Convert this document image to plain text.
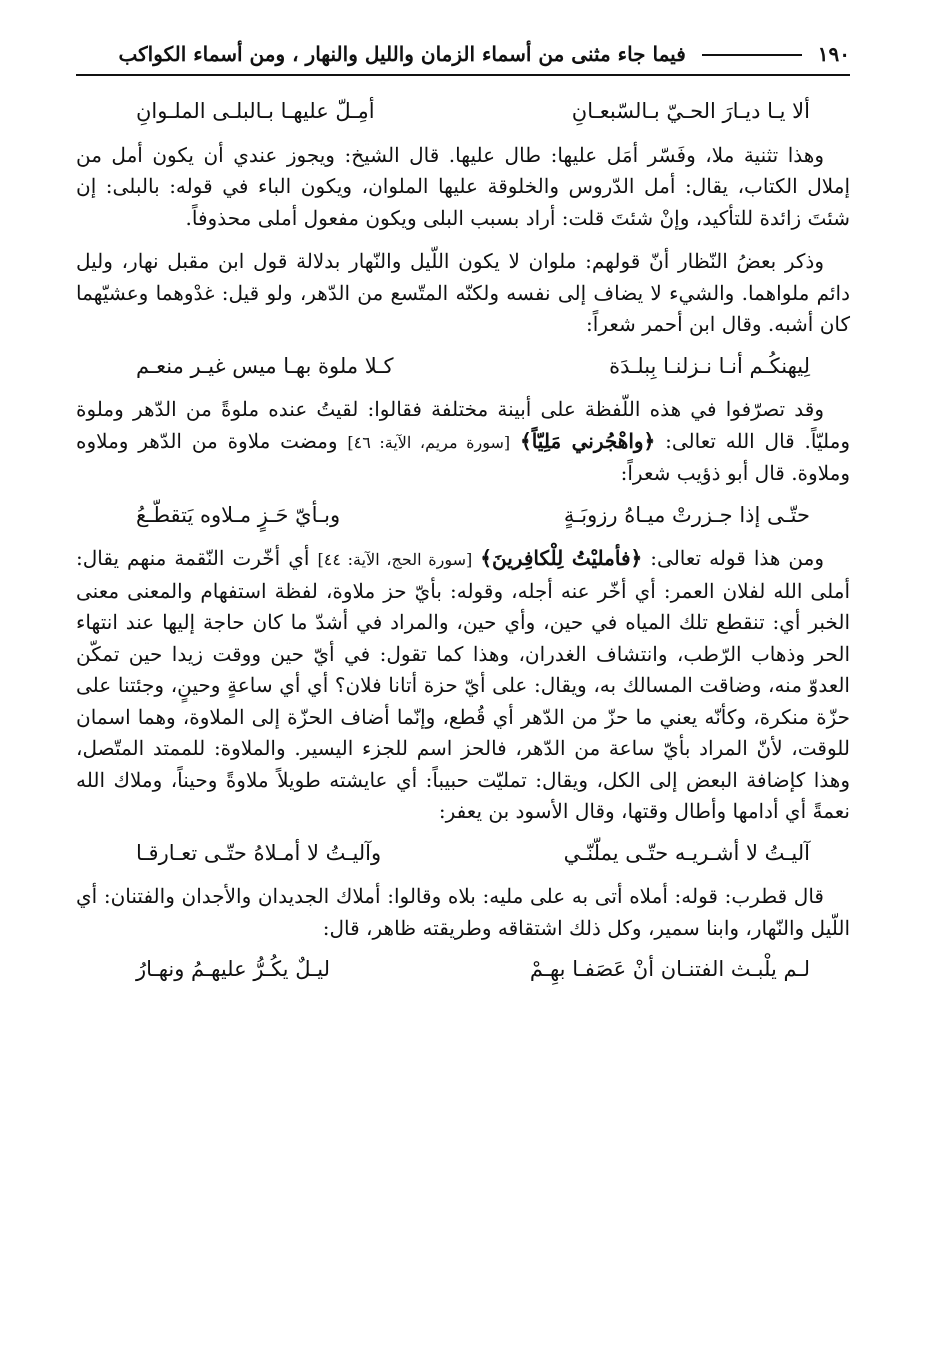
١٩٠
فيما جاء مثنى من أسماء الزمان والليل والنهار ، ومن أسماء الكواكب
ألا يـا ديـارَ الحـيّ بـالسّبعـانِ
أمِـلّ عليهـا بـالبلـى الملـوانِ

وهذا تثنية ملا، وفَسّر أمَل عليها: طال عليها. قال الشيخ: ويجوز عندي أن يكون أمل من إملال الكتاب، يقال: أمل الدّروس والخلوقة عليها الملوان، ويكون الباء في قوله: بالبلى: إن شئتَ زائدة للتأكيد، وإنْ شئتَ قلت: أراد بسبب البلى ويكون مفعول أملى محذوفاً.

وذكر بعضُ النّظار أنّ قولهم: ملوان لا يكون اللّيل والنّهار بدلالة قول ابن مقبل نهار، وليل دائم ملواهما. والشيء لا يضاف إلى نفسه ولكنّه المتّسع من الدّهر، ولو قيل: غدْوهما وعشيّهما كان أشبه. وقال ابن أحمر شعراً:

لِيهنكُـم أنـا نـزلنـا بِبلـدَة
كـلا ملوة بهـا ميس غيـر منعـم

وقد تصرّفوا في هذه اللّفظة على أبينة مختلفة فقالوا: لقيتُ عنده ملوةً من الدّهر وملوة ومليّاً. قال الله تعالى: ﴿واهْجُرني مَلِيّاً﴾ [سورة مريم، الآية: ٤٦] ومضت ملاوة من الدّهر وملاوه وملاوة. قال أبو ذؤيب شعراً:

حتّـى إذا جـزرتْ ميـاهُ رزوبَـةٍ
وبـأيّ حَـزٍ مـلاوه يَتقطّـعُ

ومن هذا قوله تعالى: ﴿فأمليْتُ لِلْكافِرينَ﴾ [سورة الحج، الآية: ٤٤] أي أخّرت النّقمة منهم يقال: أملى الله لفلان العمر: أي أخّر عنه أجله، وقوله: بأيّ حز ملاوة، لفظة استفهام والمعنى معنى الخبر أي: تنقطع تلك المياه في حين، وأي حين، والمراد في أشدّ ما كان حاجة إليها عند انتهاء الحر وذهاب الرّطب، وانتشاف الغدران، وهذا كما تقول: في أيّ حين ووقت زيدا حين تمكّن العدوّ منه، وضاقت المسالك به، ويقال: على أيّ حزة أتانا فلان؟ أي أي ساعةٍ وحينٍ، وجئتنا على حزّة منكرة، وكأنّه يعني ما حزّ من الدّهر أي قُطع، وإنّما أضاف الحزّة إلى الملاوة، وهما اسمان للوقت، لأنّ المراد بأيّ ساعة من الدّهر، فالحز اسم للجزء اليسير. والملاوة: للممتد المتّصل، وهذا كإضافة البعض إلى الكل، ويقال: تمليّت حبيباً: أي عايشته طويلاً ملاوةً وحيناً، وملاك الله نعمةً أي أدامها وأطال وقتها، وقال الأسود بن يعفر:

آليـتُ لا أشـريـه حتّـى يملّنّـي
وآليـتُ لا أمـلاهُ حتّـى تعـارقـا

قال قطرب: قوله: أملاه أتى به على مليه: بلاه وقالوا: أملاك الجديدان والأجدان والفتنان: أي اللّيل والنّهار، وابنا سمير، وكل ذلك اشتقاقه وطريقته ظاهر، قال:

لـم يلْبـث الفتنـان أنْ عَصَفـا بهِـمْ
ليـلٌ يكُـرُّ عليهـمُ ونهـارُ
